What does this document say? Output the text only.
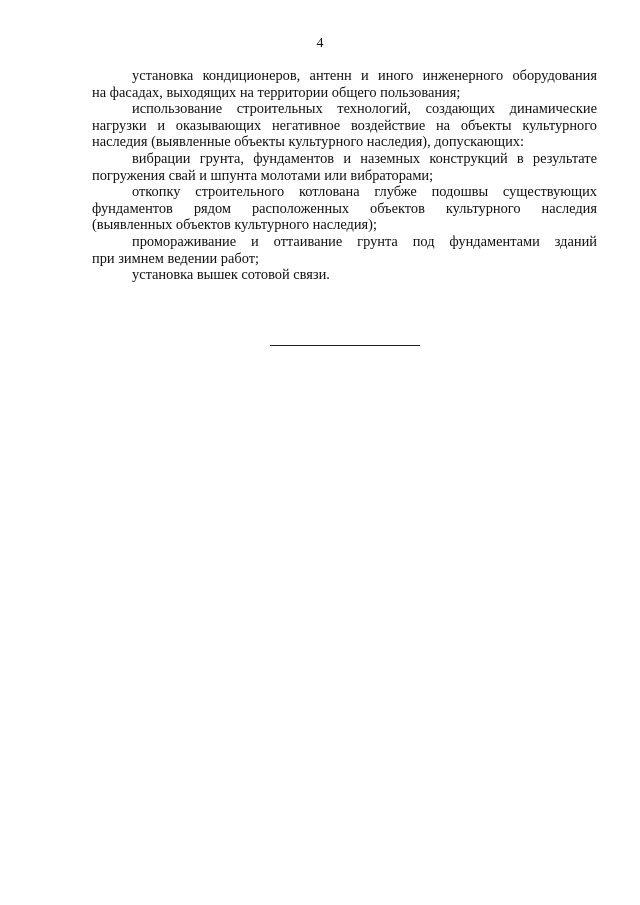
4

установка кондиционеров, антенн и иного инженерного оборудования
на фасадах, выходящих на территории общего пользования;

использование строительных технологий, создающих динамические
нагрузки и оказывающих негативное воздействие на объекты культурного
наследия (выявленные объекты культурного наследия), допускающих:

вибрации грунта, фундаментов и наземных конструкций в результате
погружения свай и шпунта молотами или вибраторами;

откопку строительного котлована глубже подошвы существующих
фундаментов рядом расположенных объектов культурного наследия
(выявленных объектов культурного наследия);

промораживание и оттаивание грунта под фундаментами зданий
при зимнем ведении работ;

установка вышек сотовой связи.
